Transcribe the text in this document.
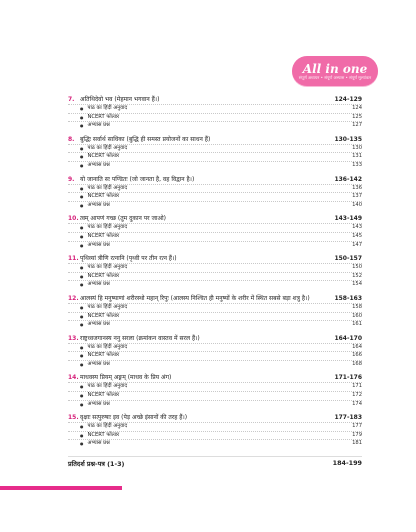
All in one
संपूर्ण अध्ययन • संपूर्ण अभ्यास • संपूर्ण मूल्यांकन
7. अतिथिदेवो भव (मेहमान भगवान हैं।)	124-129
● पाठ का हिंदी अनुवाद	124
● NCERT फोल्डर	125
● अभ्यास प्रश्न	127
8. बुद्धिः सर्वार्थ साधिका (बुद्धि ही समस्त प्रयोजनों का साधन हैं)	130-135
● पाठ का हिंदी अनुवाद	130
● NCERT फोल्डर	131
● अभ्यास प्रश्न	133
9. यो जानाति सः पण्डितः (जो जानता है, वह विद्वान है।)	136-142
● पाठ का हिंदी अनुवाद	136
● NCERT फोल्डर	137
● अभ्यास प्रश्न	140
10. त्वम् आपणं गच्छ (तुम दुकान पर जाओ)	143-149
● पाठ का हिंदी अनुवाद	143
● NCERT फोल्डर	145
● अभ्यास प्रश्न	147
11. पृथिव्यां त्रीणि रत्नानि (पृथ्वी पर तीन रत्न हैं।)	150-157
● पाठ का हिंदी अनुवाद	150
● NCERT फोल्डर	152
● अभ्यास प्रश्न	154
12. आलस्यं हि मनुष्याणां शरीरस्थो महान् रिपुः (आलस्य निश्चित ही मनुष्यों के शरीर में स्थित सबसे बड़ा शत्रु है।)	158-163
● पाठ का हिंदी अनुवाद	158
● NCERT फोल्डर	160
● अभ्यास प्रश्न	161
13. राष्ट्रध्वजगानस्य ननु सरला (क्रमांकन वास्तव में सरल हैं।)	164-170
● पाठ का हिंदी अनुवाद	164
● NCERT फोल्डर	166
● अभ्यास प्रश्न	168
14. माधवस्य प्रियम् अङ्गम् (माधव के प्रिय अंग)	171-176
● पाठ का हिंदी अनुवाद	171
● NCERT फोल्डर	172
● अभ्यास प्रश्न	174
15. वृक्षाः सत्पुरुषाः इव (पेड़ अच्छे इंसानों की तरह हैं।)	177-183
● पाठ का हिंदी अनुवाद	177
● NCERT फोल्डर	179
● अभ्यास प्रश्न	181
प्रतिदर्श प्रश्न-पत्र (1-3)	184-199
